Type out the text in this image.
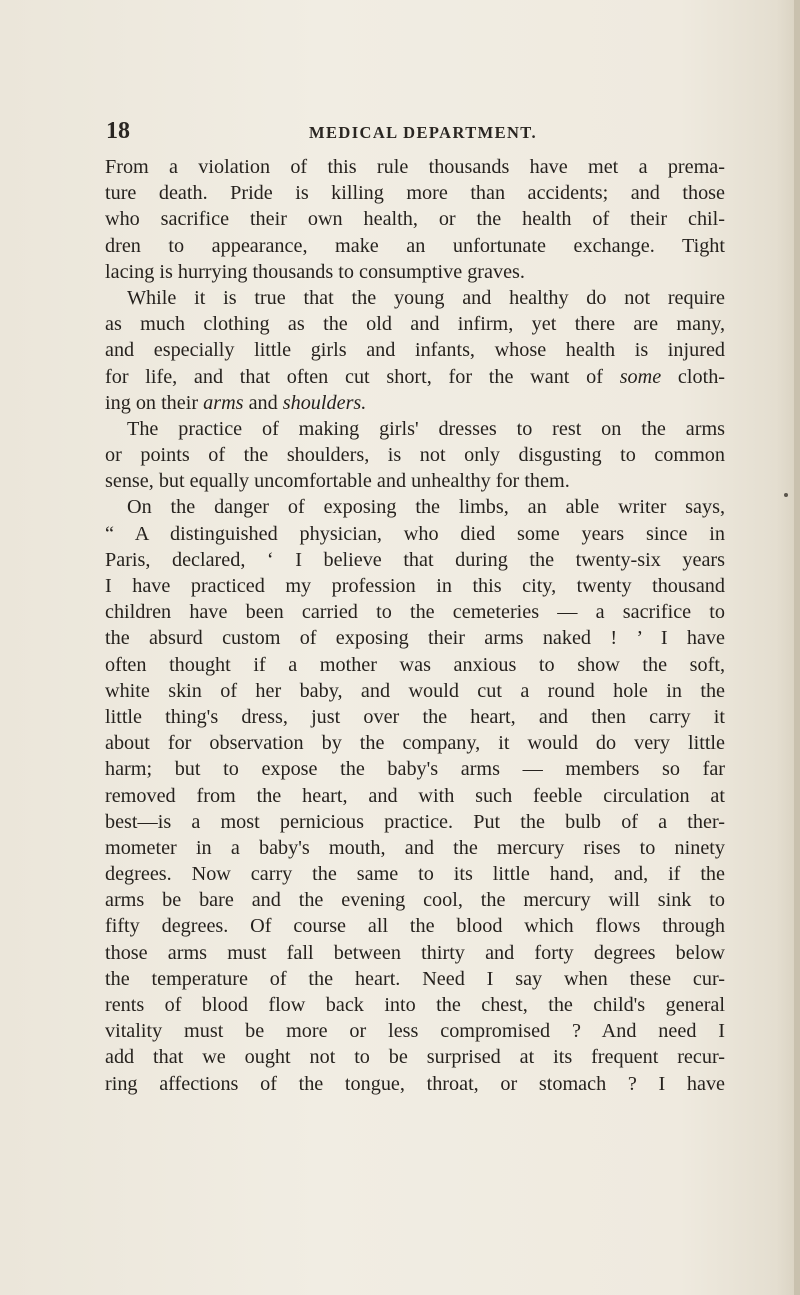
18	MEDICAL DEPARTMENT.
From a violation of this rule thousands have met a prema-
ture death. Pride is killing more than accidents; and those
who sacrifice their own health, or the health of their chil-
dren to appearance, make an unfortunate exchange. Tight
lacing is hurrying thousands to consumptive graves.
While it is true that the young and healthy do not require
as much clothing as the old and infirm, yet there are many,
and especially little girls and infants, whose health is injured
for life, and that often cut short, for the want of some cloth-
ing on their arms and shoulders.
The practice of making girls' dresses to rest on the arms
or points of the shoulders, is not only disgusting to common
sense, but equally uncomfortable and unhealthy for them.
On the danger of exposing the limbs, an able writer says,
“ A distinguished physician, who died some years since in
Paris, declared, ‘ I believe that during the twenty-six years
I have practiced my profession in this city, twenty thousand
children have been carried to the cemeteries — a sacrifice to
the absurd custom of exposing their arms naked ! ’ I have
often thought if a mother was anxious to show the soft,
white skin of her baby, and would cut a round hole in the
little thing's dress, just over the heart, and then carry it
about for observation by the company, it would do very little
harm; but to expose the baby's arms — members so far
removed from the heart, and with such feeble circulation at
best—is a most pernicious practice. Put the bulb of a ther-
mometer in a baby's mouth, and the mercury rises to ninety
degrees. Now carry the same to its little hand, and, if the
arms be bare and the evening cool, the mercury will sink to
fifty degrees. Of course all the blood which flows through
those arms must fall between thirty and forty degrees below
the temperature of the heart. Need I say when these cur-
rents of blood flow back into the chest, the child's general
vitality must be more or less compromised ? And need I
add that we ought not to be surprised at its frequent recur-
ring affections of the tongue, throat, or stomach ? I have
